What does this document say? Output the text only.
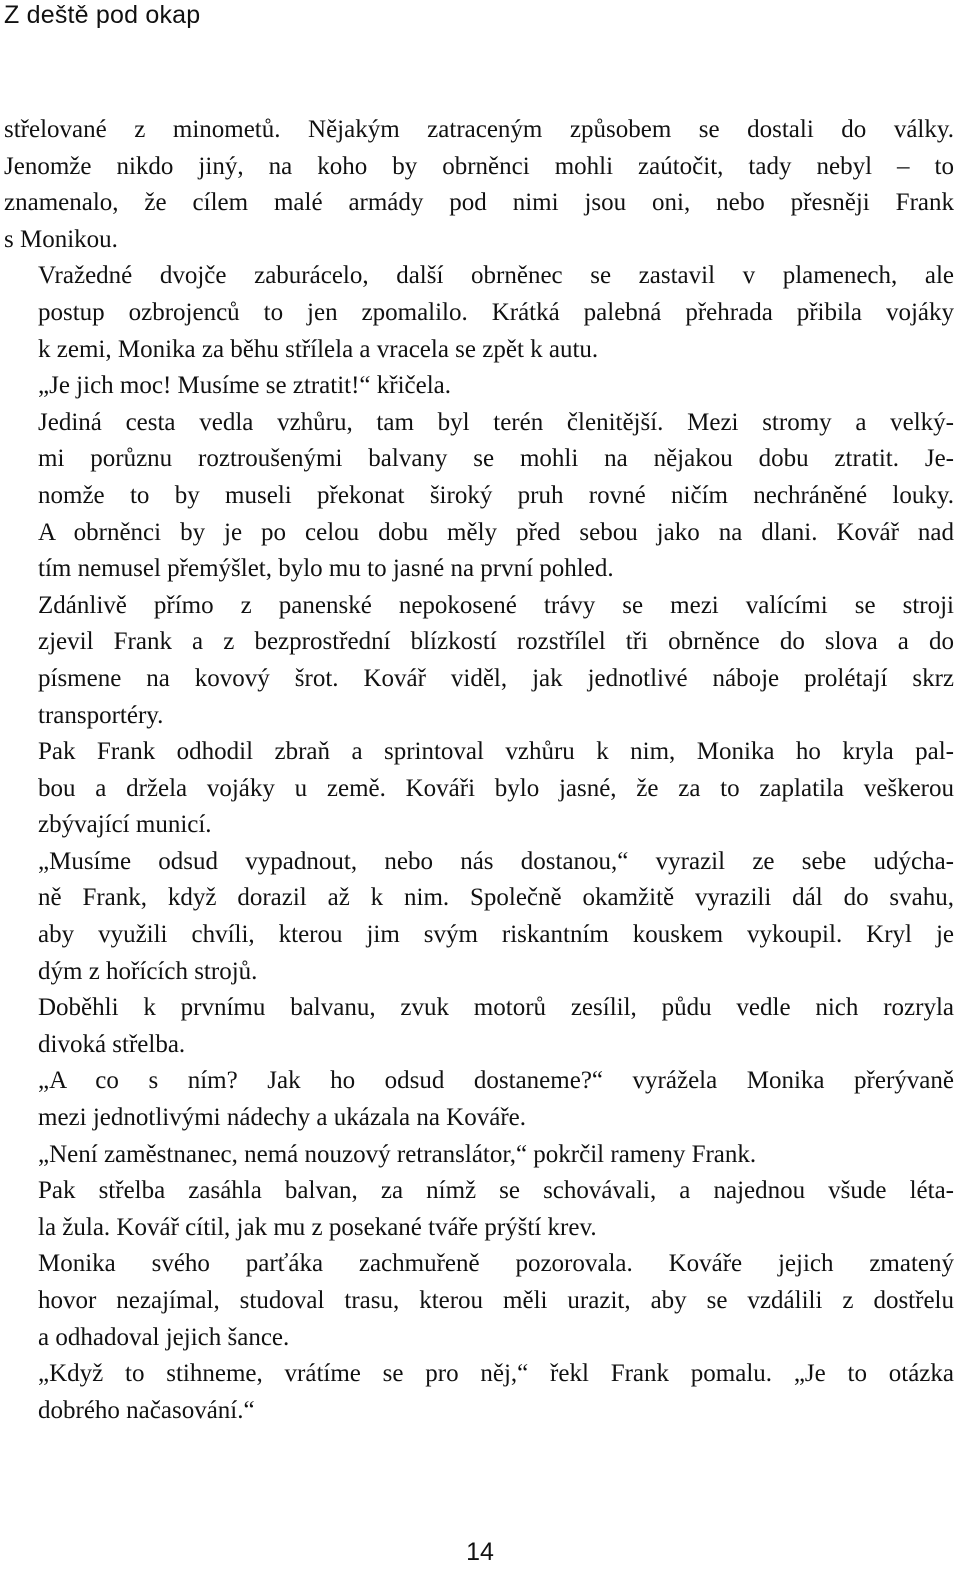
Z deště pod okap
střelované z minometů. Nějakým zatraceným způsobem se dostali do války.
Jenomže nikdo jiný, na koho by obrněnci mohli zaútočit, tady nebyl – to
znamenalo, že cílem malé armády pod nimi jsou oni, nebo přesněji Frank
s Monikou.
Vražedné dvojče zaburácelo, další obrněnec se zastavil v plamenech, ale
postup ozbrojenců to jen zpomalilo. Krátká palebná přehrada přibila vojáky
k zemi, Monika za běhu střílela a vracela se zpět k autu.
„Je jich moc! Musíme se ztratit!“ křičela.
Jediná cesta vedla vzhůru, tam byl terén členitější. Mezi stromy a velký-
mi porůznu roztroušenými balvany se mohli na nějakou dobu ztratit. Je-
nomže to by museli překonat široký pruh rovné ničím nechráněné louky.
A obrněnci by je po celou dobu měly před sebou jako na dlani. Kovář nad
tím nemusel přemýšlet, bylo mu to jasné na první pohled.
Zdánlivě přímo z panenské nepokosené trávy se mezi valícími se stroji
zjevil Frank a z bezprostřední blízkostí rozstřílel tři obrněnce do slova a do
písmene na kovový šrot. Kovář viděl, jak jednotlivé náboje prolétají skrz
transportéry.
Pak Frank odhodil zbraň a sprintoval vzhůru k nim, Monika ho kryla pal-
bou a držela vojáky u země. Kováři bylo jasné, že za to zaplatila veškerou
zbývající municí.
„Musíme odsud vypadnout, nebo nás dostanou,“ vyrazil ze sebe udýcha-
ně Frank, když dorazil až k nim. Společně okamžitě vyrazili dál do svahu,
aby využili chvíli, kterou jim svým riskantním kouskem vykoupil. Kryl je
dým z hořících strojů.
Doběhli k prvnímu balvanu, zvuk motorů zesílil, půdu vedle nich rozryla
divoká střelba.
„A co s ním? Jak ho odsud dostaneme?“ vyrážela Monika přerývaně
mezi jednotlivými nádechy a ukázala na Kováře.
„Není zaměstnanec, nemá nouzový retranslátor,“ pokrčil rameny Frank.
Pak střelba zasáhla balvan, za nímž se schovávali, a najednou všude léta-
la žula. Kovář cítil, jak mu z posekané tváře prýští krev.
Monika svého parťáka zachmuřeně pozorovala. Kováře jejich zmatený
hovor nezajímal, studoval trasu, kterou měli urazit, aby se vzdálili z dostřelu
a odhadoval jejich šance.
„Když to stihneme, vrátíme se pro něj,“ řekl Frank pomalu. „Je to otázka
dobrého načasování.“
14
